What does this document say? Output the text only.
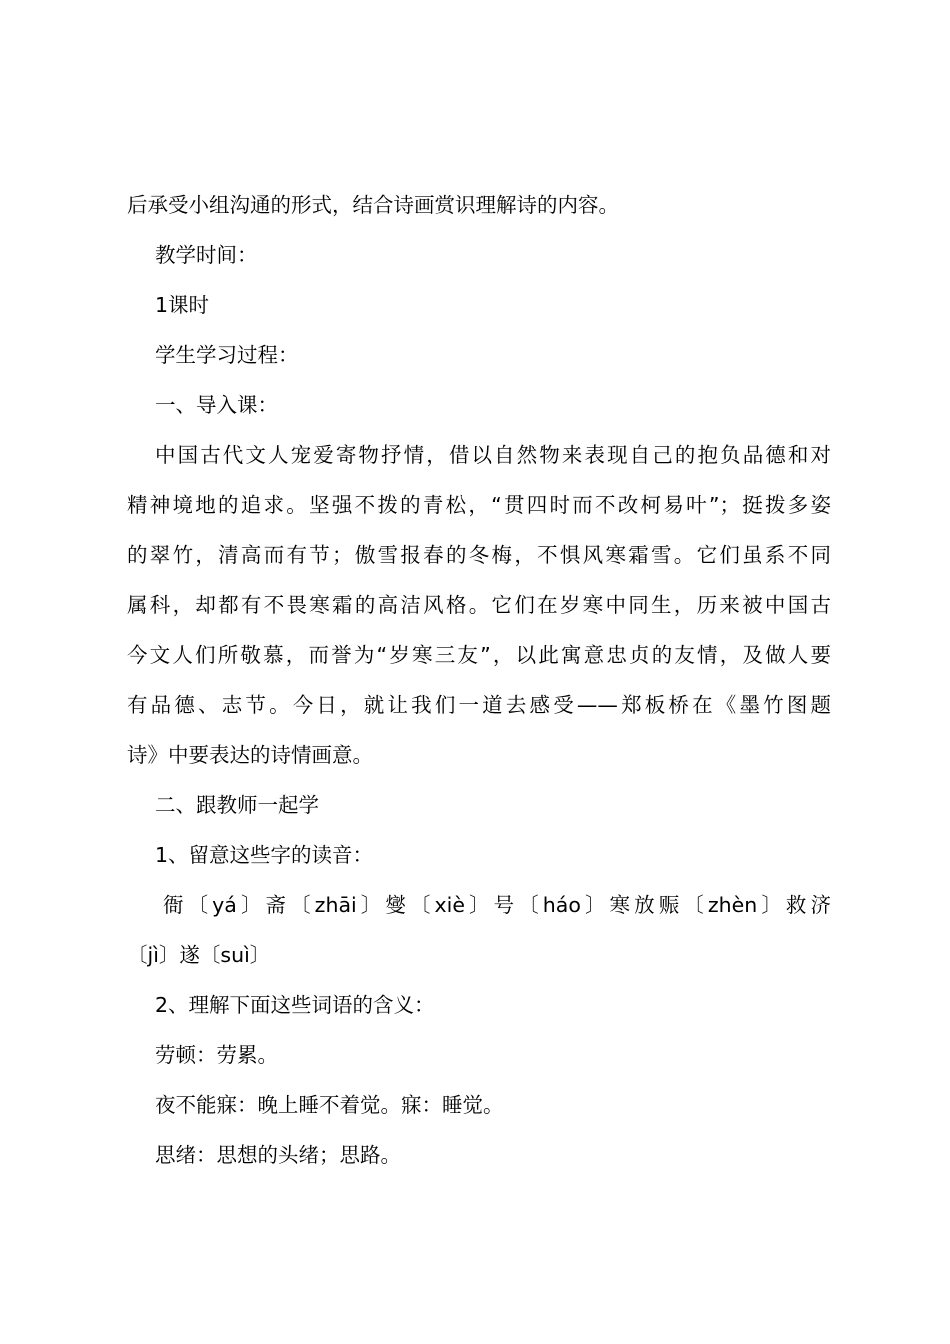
后承受小组沟通的形式，结合诗画赏识理解诗的内容。
教学时间：
1课时
学生学习过程：
一、导入课：
中国古代文人宠爱寄物抒情，借以自然物来表现自己的抱负品德和对
精神境地的追求。坚强不拨的青松，“贯四时而不改柯易叶”；挺拨多姿
的翠竹，清高而有节；傲雪报春的冬梅，不惧风寒霜雪。它们虽系不同
属科，却都有不畏寒霜的高洁风格。它们在岁寒中同生，历来被中国古
今文人们所敬慕，而誉为“岁寒三友”，以此寓意忠贞的友情，及做人要
有品德、志节。今日，就让我们一道去感受——郑板桥在《墨竹图题
诗》中要表达的诗情画意。
二、跟教师一起学
1、留意这些字的读音：
衙〔yá〕斋〔zhāi〕燮〔xiè〕号〔háo〕寒放赈〔zhèn〕救济
〔jì〕遂〔suì〕
2、理解下面这些词语的含义：
劳顿：劳累。
夜不能寐：晚上睡不着觉。寐：睡觉。
思绪：思想的头绪；思路。
